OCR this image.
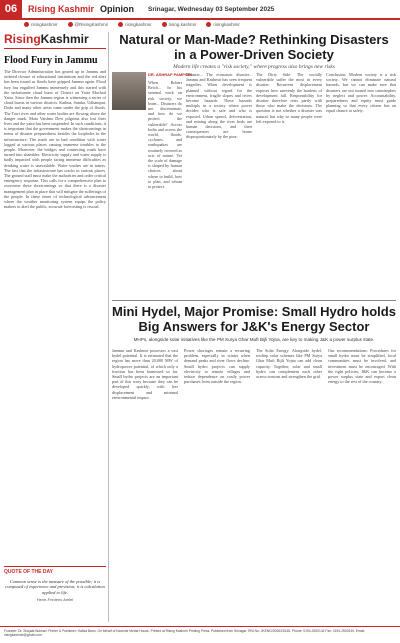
06	Rising Kashmir Opinion Srinagar, Wednesday 03 September 2025
risingkashmir	@RisingKashmir	risingkashmir	rising.kashmir	risingkashmir
RisingKashmir
Flood Fury in Jammu

The Director Administration has geared up in Jammu and ordered closure of educational institutions and the red alert has been issued as floods have gripped Jammu again. Flood fury has engulfed Jammu immensely and this started with the unfortunate cloud burst of Chisoti on Yatra Machail Yatra. Since then the Jammu region is witnessing a series of cloud bursts in various districts. Kathua, Samba, Udhampur, Doda and many other areas came under the grip of floods. The Tawi river and other water bodies are flowing above the danger mark. Mata Vaishno Devi pilgrims also lost their lives and the yatra has been suspended. In such conditions, it is important that the government makes the shortcomings in terms of disaster preparedness besides the loopholes in the infrastructure. The roads are in bad condition with water logged at various places causing immense troubles to the people. Moreover, the bridges and connecting roads have turned into shambles. Electricity supply and water supply is badly impacted with people facing immense difficulties as drinking water is unavailable. Water washes are in tatters. The fact that the infrastructure has cracks in various places. The ground staff must make the authorities and order critical emergency response. This calls for a comprehensive plan to overcome these shortcomings so that there is a disaster management plan in place that will mitigate the sufferings of the people. In these times of technological advancement where the weather monitoring system equips the policy makers to alert the public, accurate forecasting is crucial.

QUOTE OF THE DAY
Common sense is the measure of the possible; it is composed of experience and prevision; it is calculation applied to life.
Henri-Frederic Amiel
Natural or Man-Made? Rethinking Disasters in a Power-Driven Society
Modern life creates a "risk society," where progress also brings new risks
DR. ASHRAF PAMPORI

When Robert Reich... In his seminal work on risk society, we learn... Disasters do not discriminate, and how do we protect the vulnerable? Across India and across the world, floods, cyclones, and earthquakes are routinely covered as acts of nature. Yet the scale of damage is shaped by human choices about where to build, how to plan, and whom to protect.

Disaster... The economic disaster... Jammu and Kashmir has seen frequent tragedies. When development is planned without regard for the environment, fragile slopes and rivers become hazards. These hazards multiply in a society where power decides who is safe and who is exposed. Urban sprawl, deforestation, and mining along the river beds are human decisions, and their consequences are borne disproportionately by the poor.

The Dirty Side: The socially vulnerable suffer the most in every disaster. Recurrent displacement exposes how unevenly the burdens of development fall. Responsibility for disaster therefore rests partly with those who make the decisions. The question is not whether a disaster was natural, but why so many people were left exposed to it.

Conclusion: Modern society is a risk society. We cannot eliminate natural hazards, but we can make sure that disasters are not turned into catastrophes by neglect and power. Accountability, preparedness and equity must guide planning so that every citizen has an equal chance at safety.

Mini Hydel, Major Promise: Small Hydro holds Big Answers for J&K's Energy Sector
MHPs, alongside solar initiatives like the PM Surya Ghar Muft Bijli Yojna, are key to making J&K a power surplus state.

Jammu and Kashmir possesses a vast hydel potential. It is estimated that the region has more than 20,000 MW of hydropower potential, of which only a fraction has been harnessed so far. Small hydro projects are an important part of this story because they can be developed quickly, with less displacement and minimal environmental impact.

Power shortages remain a recurring problem, especially in winter when demand peaks and river flows decline. Small hydro projects can supply electricity to remote villages and reduce dependence on costly power purchases from outside the region.

The Solar Energy: Alongside hydel, rooftop solar schemes like PM Surya Ghar Muft Bijli Yojna can add clean capacity. Together, solar and small hydro can complement each other across seasons and strengthen the grid.

Our recommendations: Procedures for small hydro must be simplified, local communities must be involved, and investment must be encouraged. With the right policies, J&K can become a power surplus state and export clean energy to the rest of the country.

Founder: Dr. Shujaat Bukhari. Printer & Publisher: Hafiza Bano. On behalf of Kashmir Media House. Printed at Rising Kashmir Printing Press. Published from Srinagar. RNI No: JKENG/2008/25148. Phone: 0194-2500142 Fax: 0194-2500240. Email: risingkashmir@gmail.com
